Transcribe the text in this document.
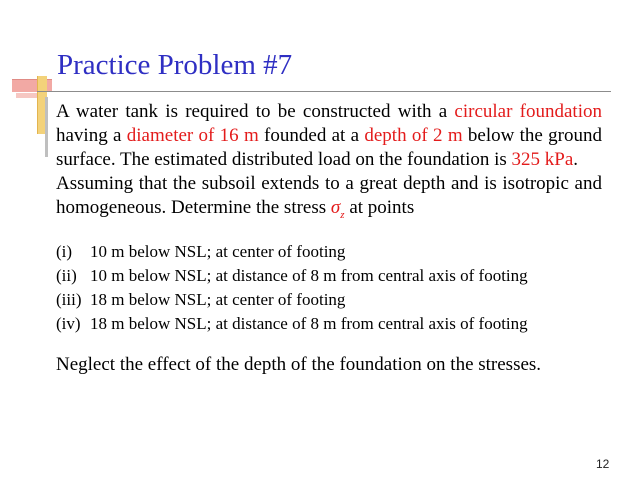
Practice Problem #7

A water tank is required to be constructed with a circular foundation having a diameter of 16 m founded at a depth of 2 m below the ground surface. The estimated distributed load on the foundation is 325 kPa.

Assuming that the subsoil extends to a great depth and is isotropic and homogeneous. Determine the stress $\sigma_z$ at points

(i)	10 m below NSL; at center of footing
(ii) 10 m below NSL; at distance of 8 m from central axis of footing
(iii) 18 m below NSL; at center of footing
(iv) 18 m below NSL; at distance of 8 m from central axis of footing

Neglect the effect of the depth of the foundation on the stresses.

12
